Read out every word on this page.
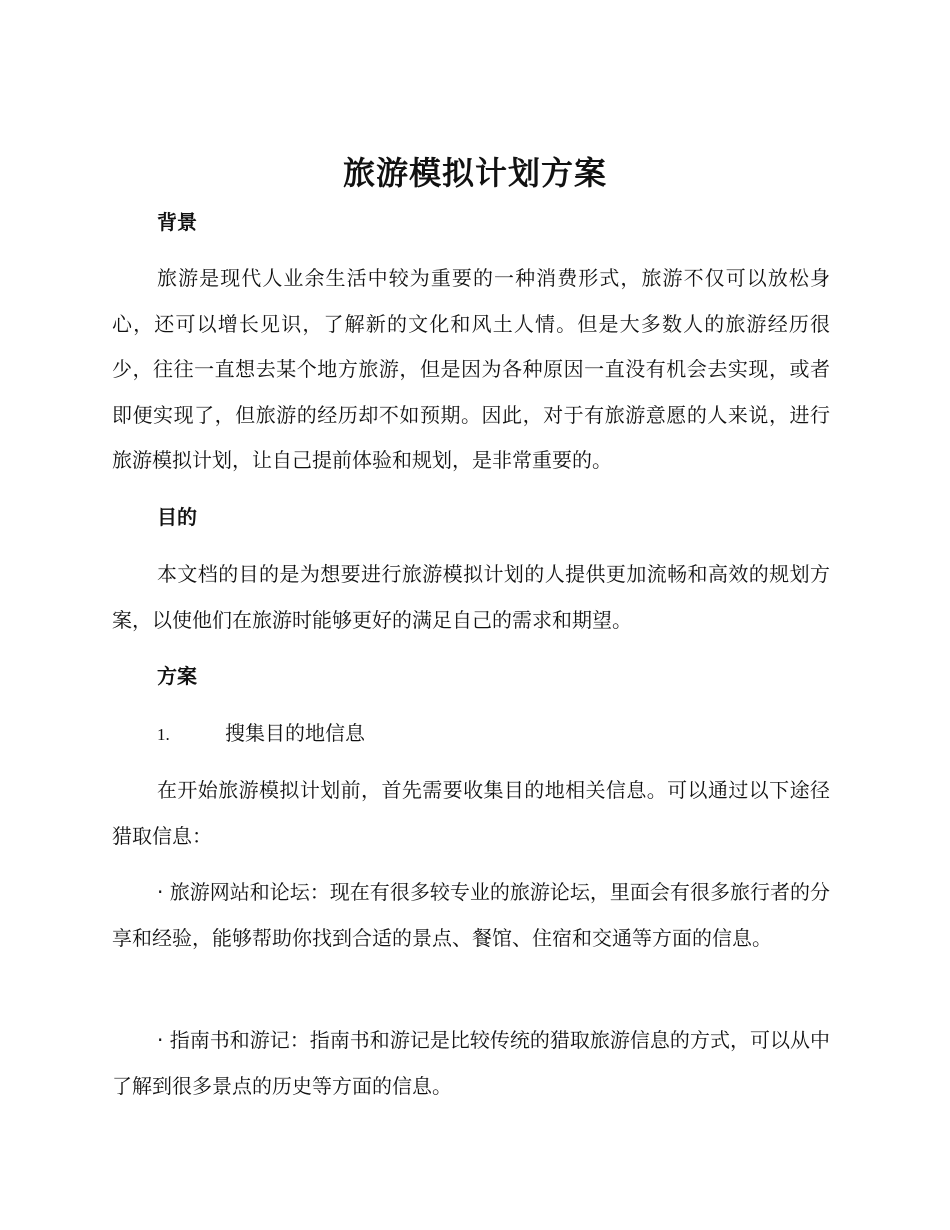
旅游模拟计划方案
背景

旅游是现代人业余生活中较为重要的一种消费形式，旅游不仅可以放松身心，还可以增长见识，了解新的文化和风土人情。但是大多数人的旅游经历很少，往往一直想去某个地方旅游，但是因为各种原因一直没有机会去实现，或者即便实现了，但旅游的经历却不如预期。因此，对于有旅游意愿的人来说，进行旅游模拟计划，让自己提前体验和规划，是非常重要的。

目的

本文档的目的是为想要进行旅游模拟计划的人提供更加流畅和高效的规划方案，以使他们在旅游时能够更好的满足自己的需求和期望。

方案
1.	搜集目的地信息

在开始旅游模拟计划前，首先需要收集目的地相关信息。可以通过以下途径猎取信息：

· 旅游网站和论坛：现在有很多较专业的旅游论坛，里面会有很多旅行者的分享和经验，能够帮助你找到合适的景点、餐馆、住宿和交通等方面的信息。

· 指南书和游记：指南书和游记是比较传统的猎取旅游信息的方式，可以从中了解到很多景点的历史等方面的信息。
